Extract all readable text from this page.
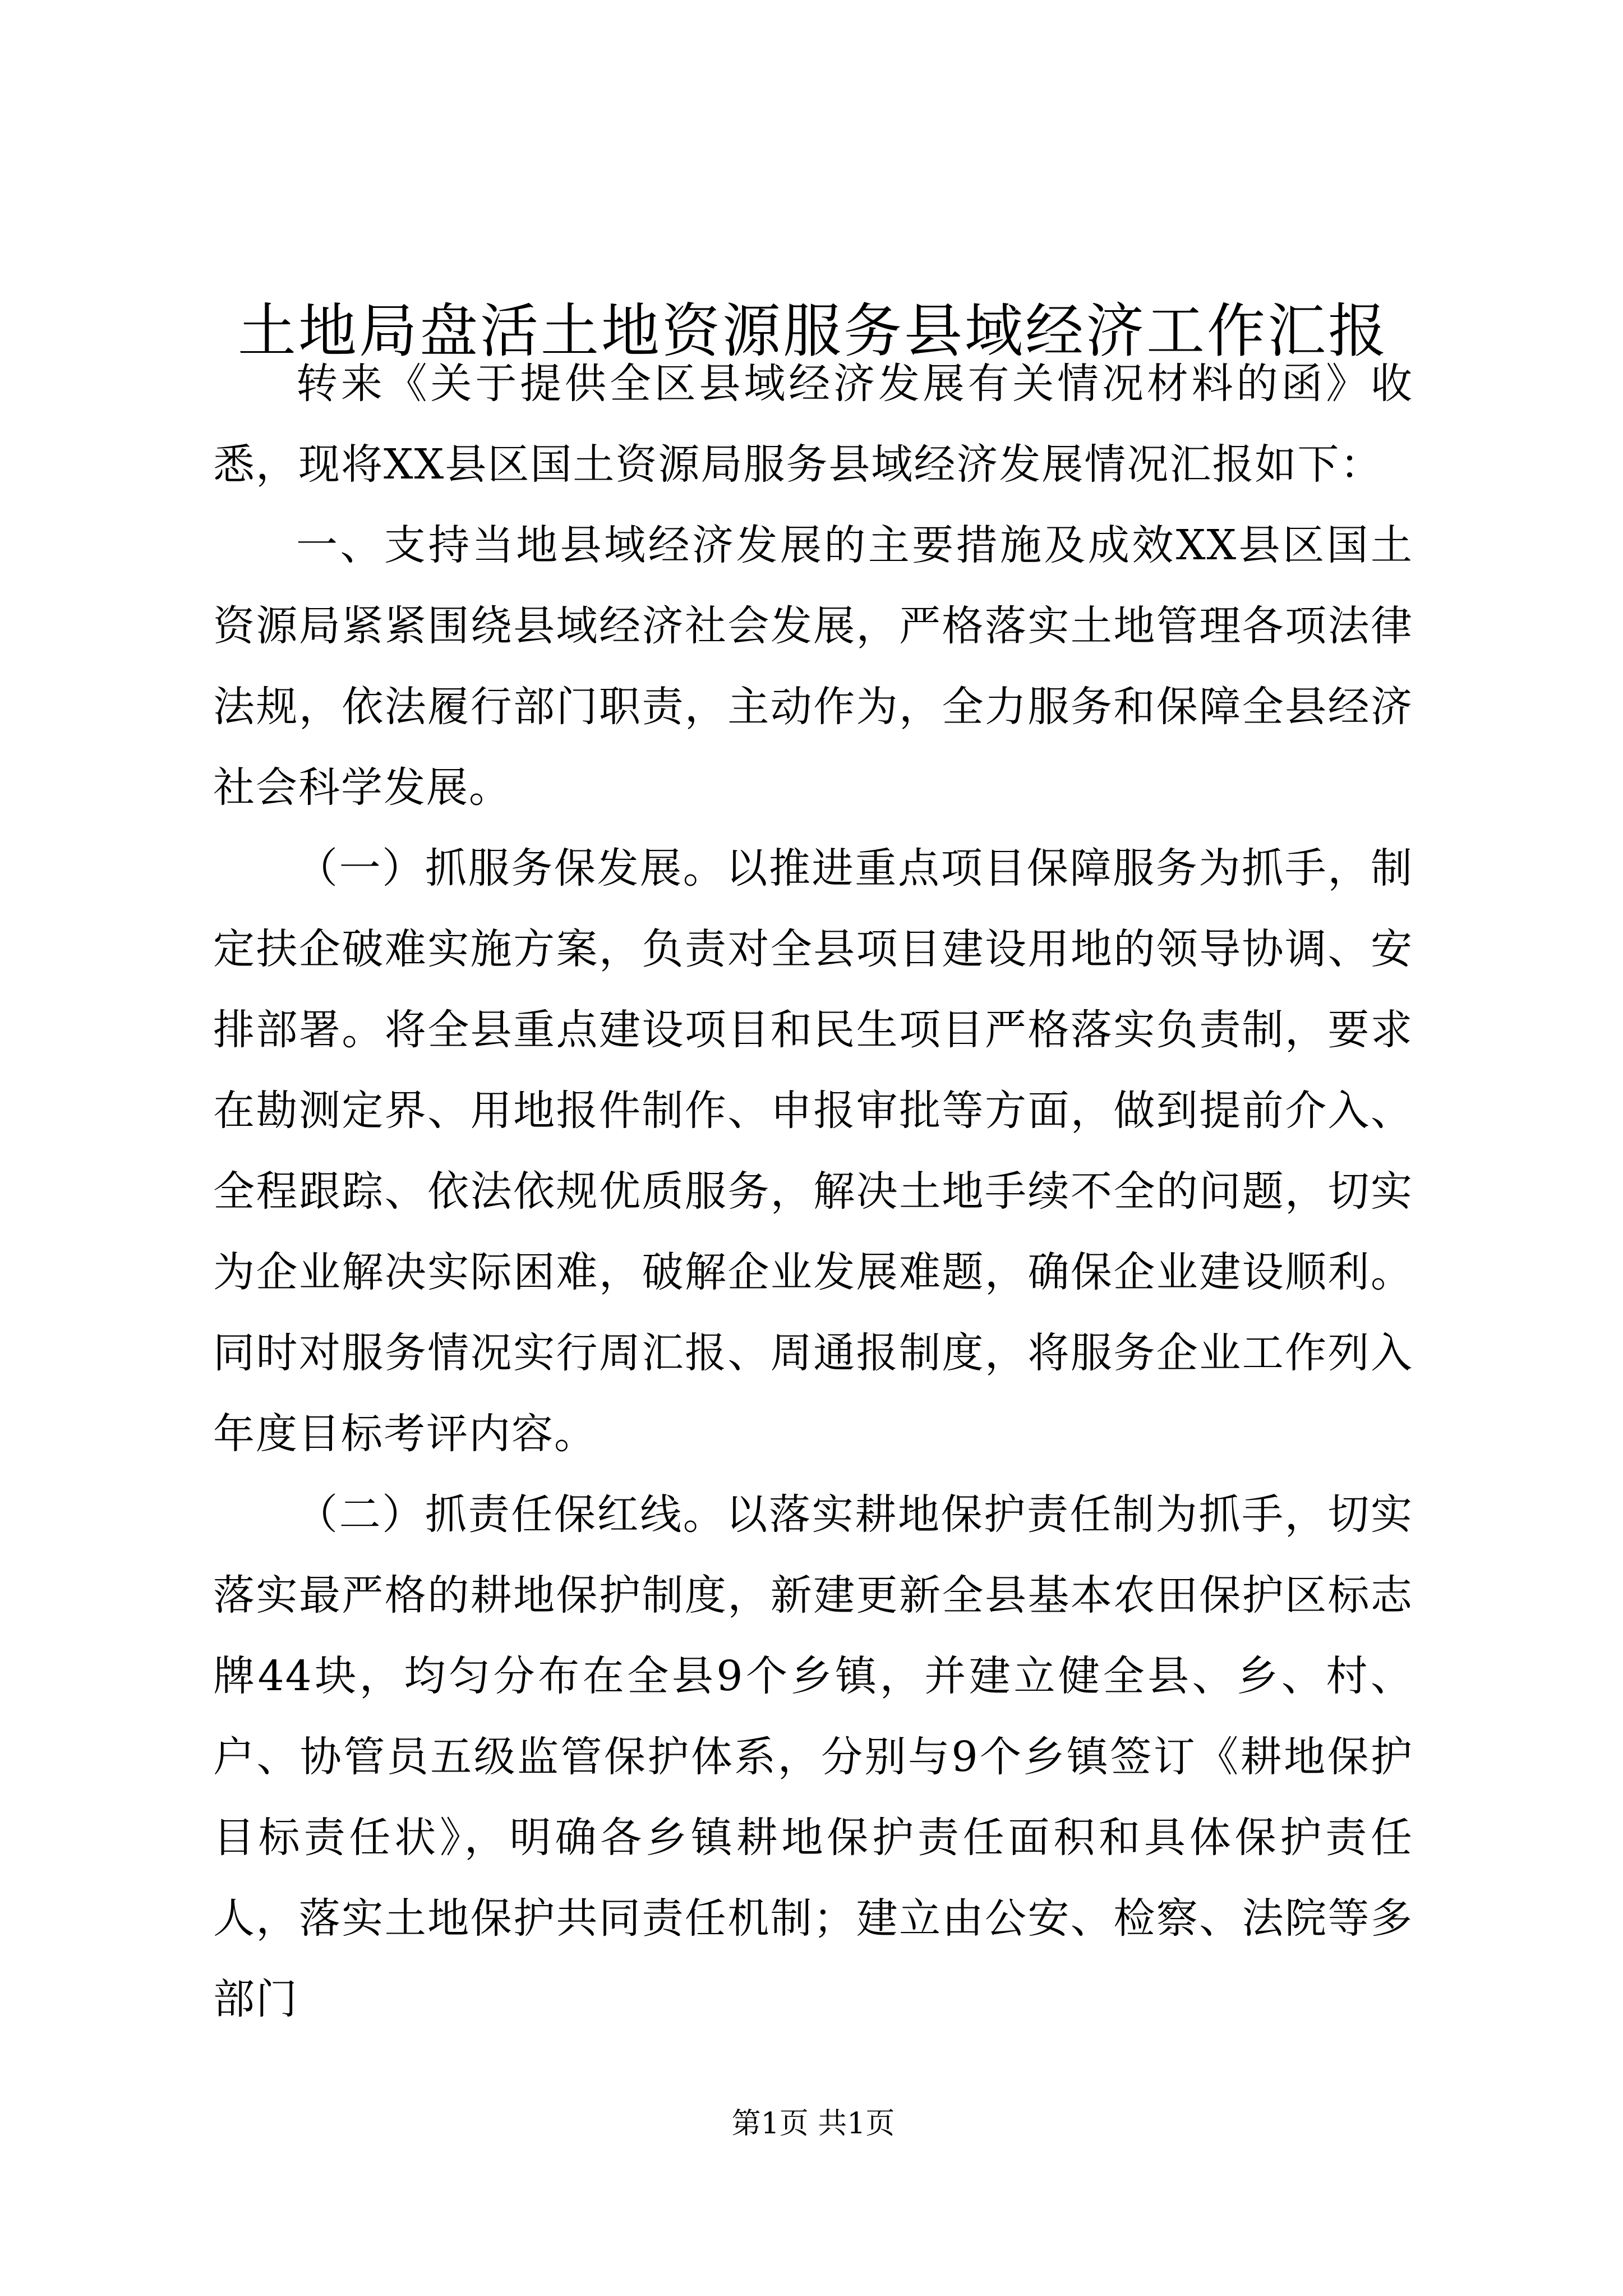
土地局盘活土地资源服务县域经济工作汇报

转来《关于提供全区县域经济发展有关情况材料的函》收悉，现将XX县区国土资源局服务县域经济发展情况汇报如下：

一、支持当地县域经济发展的主要措施及成效XX县区国土资源局紧紧围绕县域经济社会发展，严格落实土地管理各项法律法规，依法履行部门职责，主动作为，全力服务和保障全县经济社会科学发展。

（一）抓服务保发展。以推进重点项目保障服务为抓手，制定扶企破难实施方案，负责对全县项目建设用地的领导协调、安排部署。将全县重点建设项目和民生项目严格落实负责制，要求在勘测定界、用地报件制作、申报审批等方面，做到提前介入、全程跟踪、依法依规优质服务，解决土地手续不全的问题，切实为企业解决实际困难，破解企业发展难题，确保企业建设顺利。同时对服务情况实行周汇报、周通报制度，将服务企业工作列入年度目标考评内容。

（二）抓责任保红线。以落实耕地保护责任制为抓手，切实落实最严格的耕地保护制度，新建更新全县基本农田保护区标志牌44块，均匀分布在全县9个乡镇，并建立健全县、乡、村、户、协管员五级监管保护体系，分别与9个乡镇签订《耕地保护目标责任状》，明确各乡镇耕地保护责任面积和具体保护责任人，落实土地保护共同责任机制；建立由公安、检察、法院等多部门

第1页 共1页
